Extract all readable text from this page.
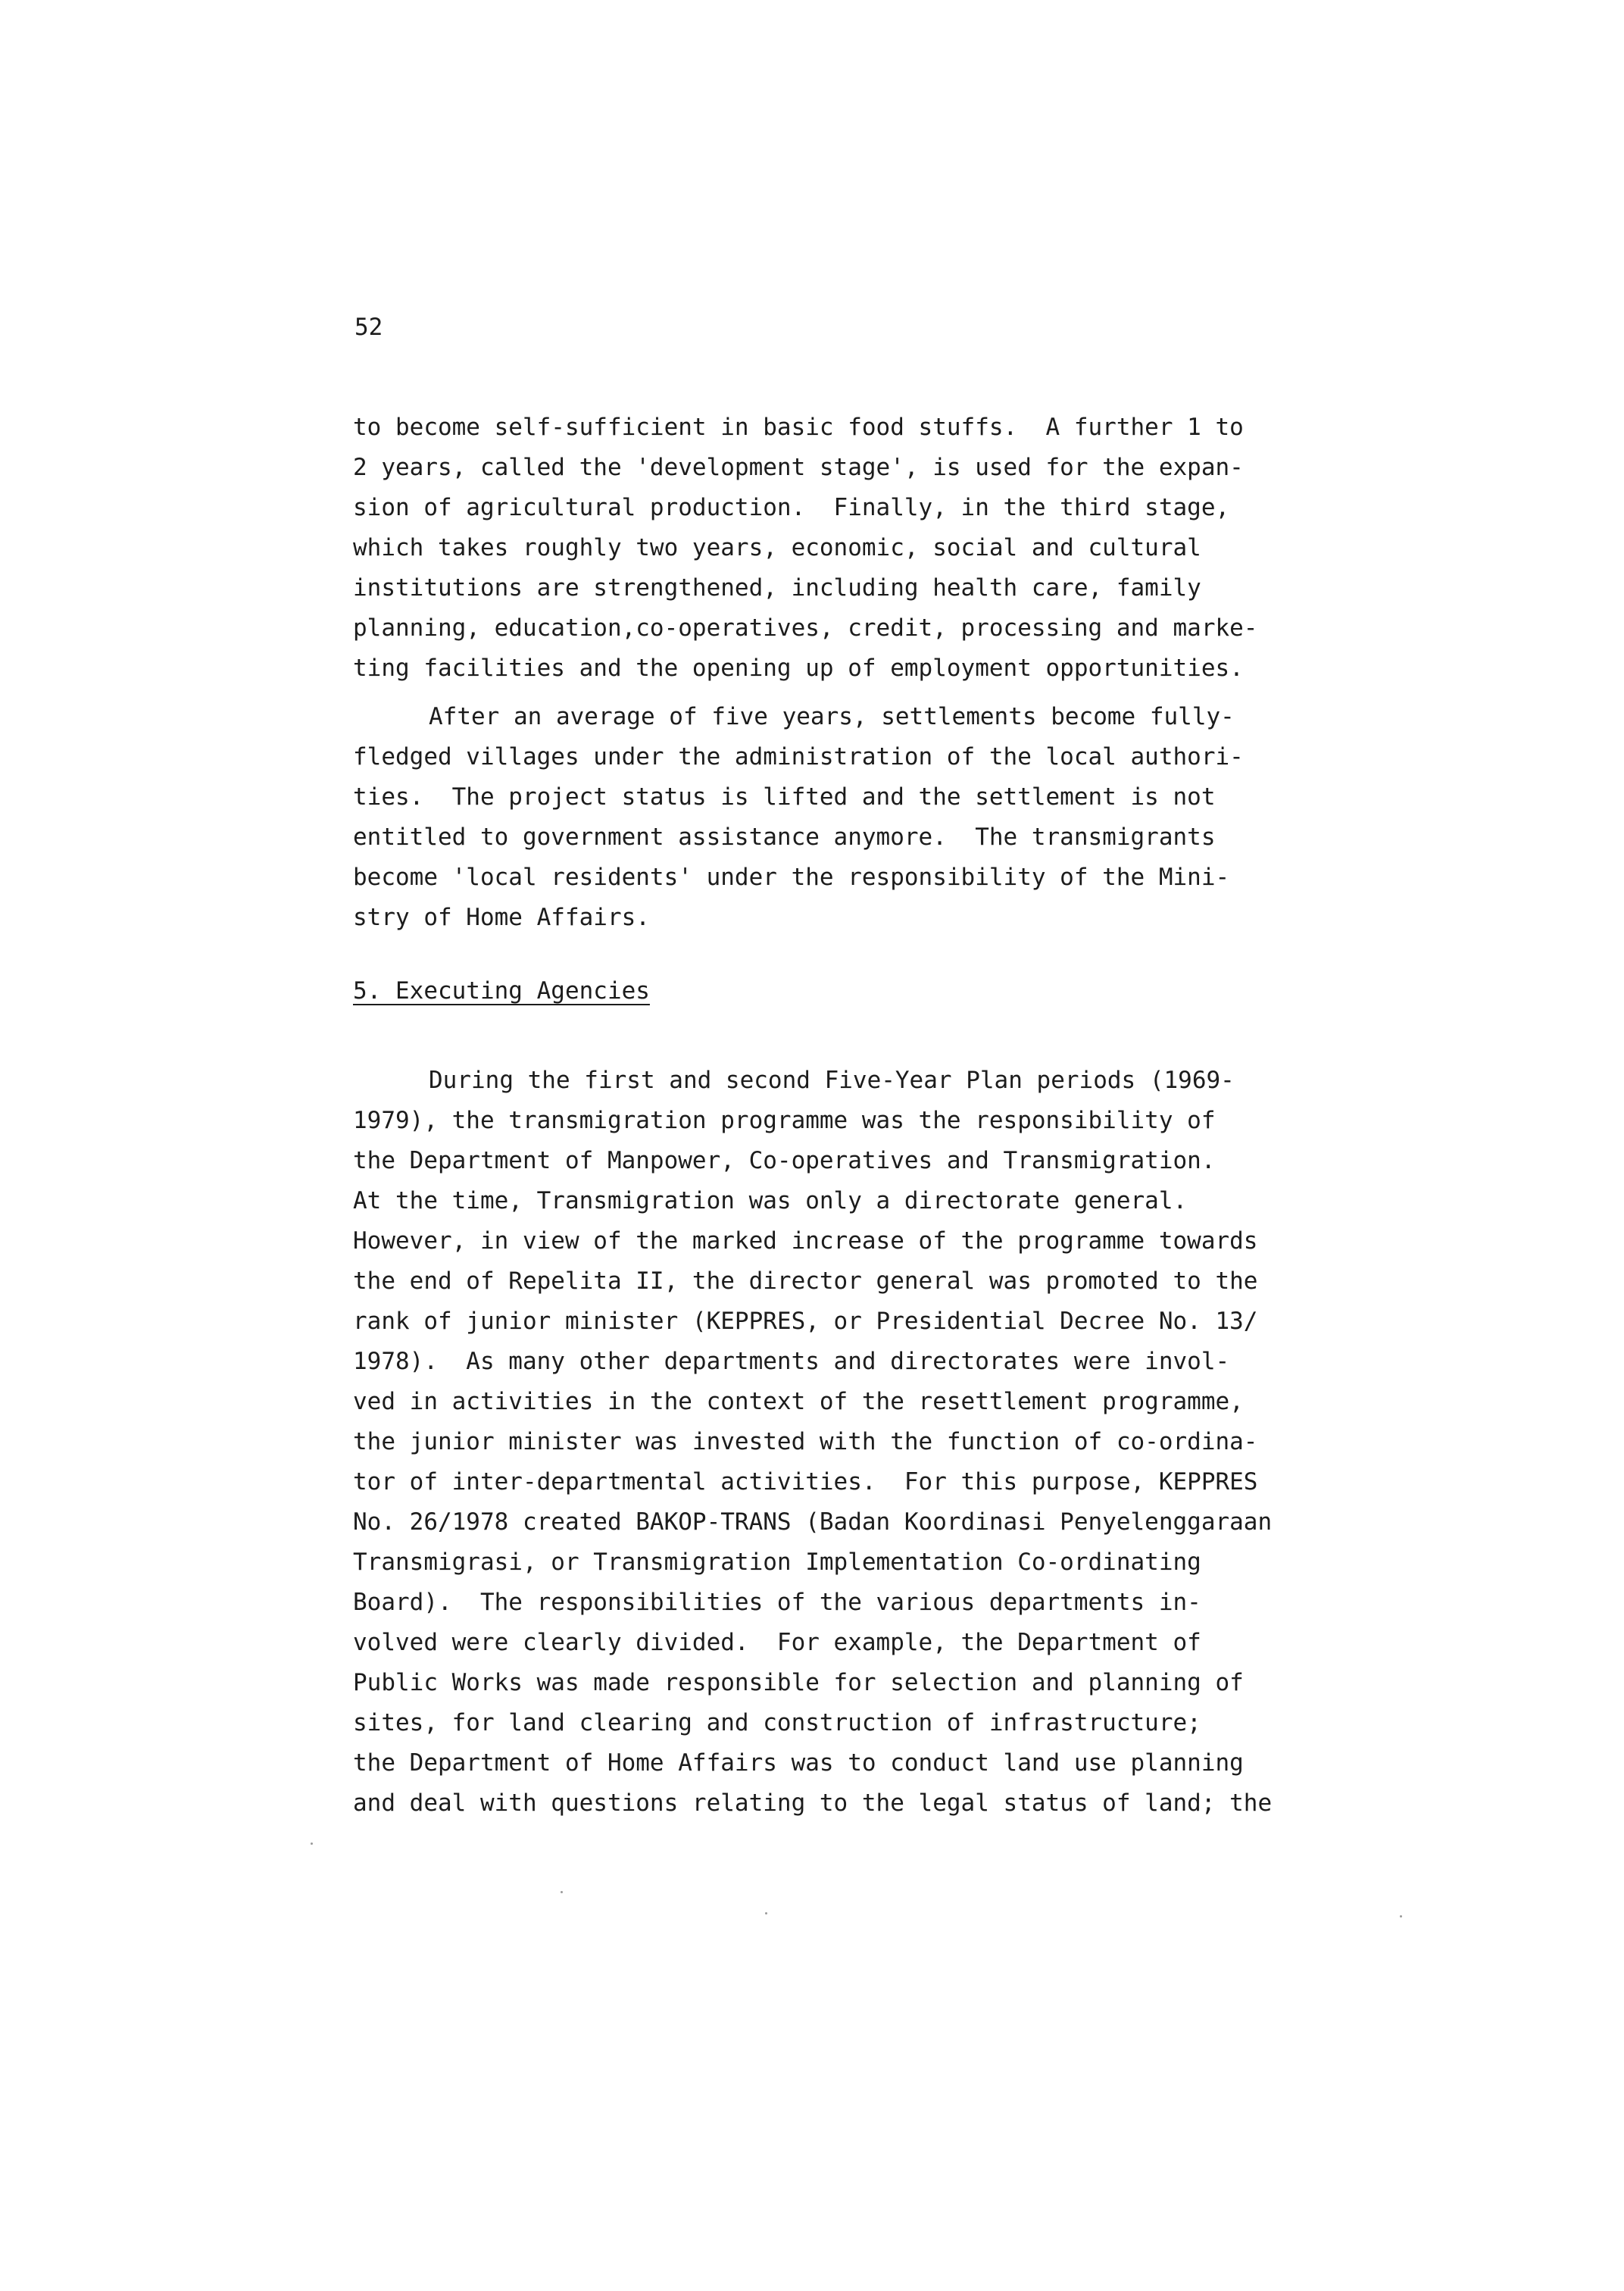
52
to become self-sufficient in basic food stuffs.  A further 1 to
2 years, called the 'development stage', is used for the expan-
sion of agricultural production.  Finally, in the third stage,
which takes roughly two years, economic, social and cultural
institutions are strengthened, including health care, family
planning, education,co-operatives, credit, processing and marke-
ting facilities and the opening up of employment opportunities.
After an average of five years, settlements become fully-
fledged villages under the administration of the local authori-
ties.  The project status is lifted and the settlement is not
entitled to government assistance anymore.  The transmigrants
become 'local residents' under the responsibility of the Mini-
stry of Home Affairs.
5. Executing Agencies
During the first and second Five-Year Plan periods (1969-
1979), the transmigration programme was the responsibility of
the Department of Manpower, Co-operatives and Transmigration.
At the time, Transmigration was only a directorate general.
However, in view of the marked increase of the programme towards
the end of Repelita II, the director general was promoted to the
rank of junior minister (KEPPRES, or Presidential Decree No. 13/
1978).  As many other departments and directorates were invol-
ved in activities in the context of the resettlement programme,
the junior minister was invested with the function of co-ordina-
tor of inter-departmental activities.  For this purpose, KEPPRES
No. 26/1978 created BAKOP-TRANS (Badan Koordinasi Penyelenggaraan
Transmigrasi, or Transmigration Implementation Co-ordinating
Board).  The responsibilities of the various departments in-
volved were clearly divided.  For example, the Department of
Public Works was made responsible for selection and planning of
sites, for land clearing and construction of infrastructure;
the Department of Home Affairs was to conduct land use planning
and deal with questions relating to the legal status of land; the
